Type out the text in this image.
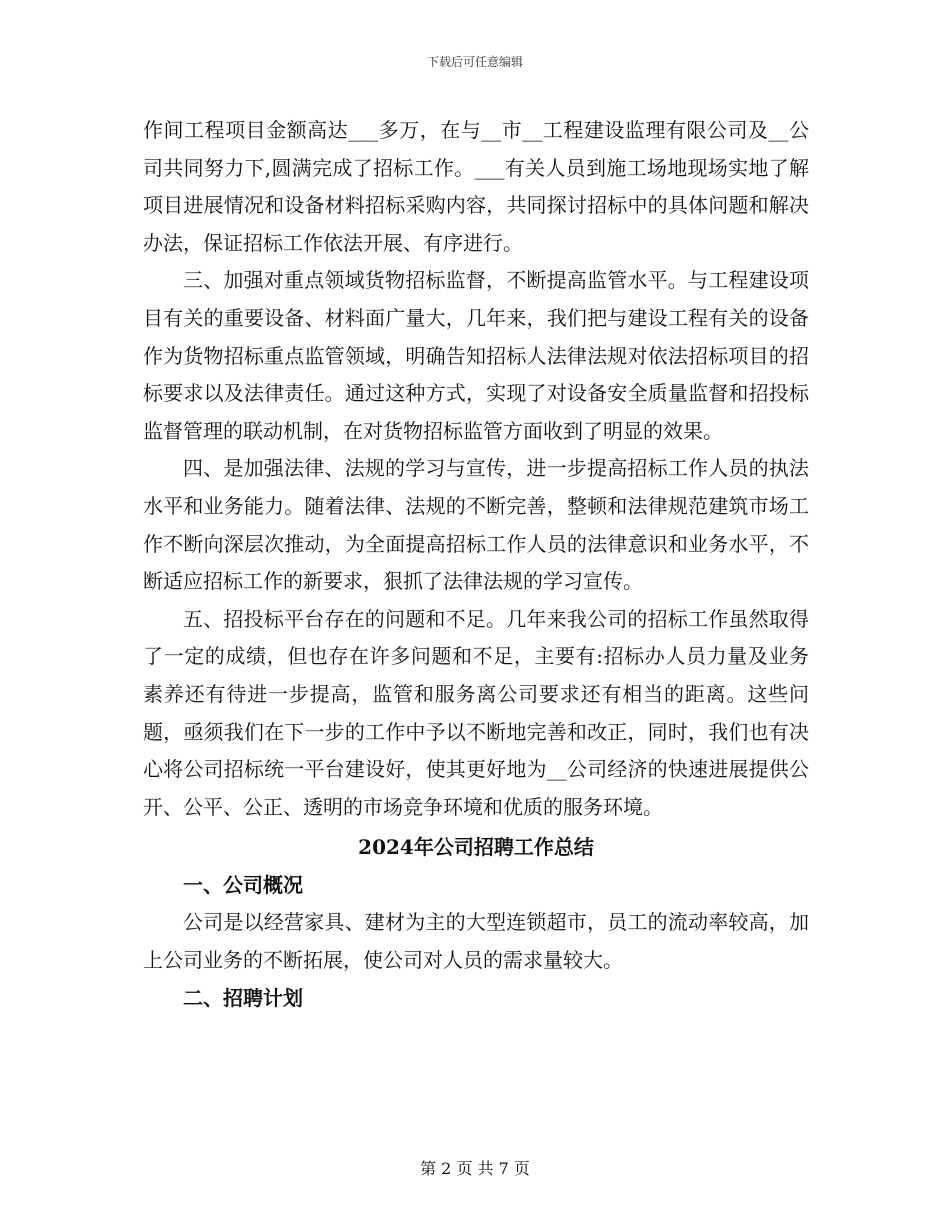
下载后可任意编辑

作间工程项目金额高达___多万，在与__市__工程建设监理有限公司及__公司共同努力下,圆满完成了招标工作。___有关人员到施工场地现场实地了解项目进展情况和设备材料招标采购内容，共同探讨招标中的具体问题和解决办法，保证招标工作依法开展、有序进行。

三、加强对重点领域货物招标监督，不断提高监管水平。与工程建设项目有关的重要设备、材料面广量大，几年来，我们把与建设工程有关的设备作为货物招标重点监管领域，明确告知招标人法律法规对依法招标项目的招标要求以及法律责任。通过这种方式，实现了对设备安全质量监督和招投标监督管理的联动机制，在对货物招标监管方面收到了明显的效果。

四、是加强法律、法规的学习与宣传，进一步提高招标工作人员的执法水平和业务能力。随着法律、法规的不断完善，整顿和法律规范建筑市场工作不断向深层次推动，为全面提高招标工作人员的法律意识和业务水平，不断适应招标工作的新要求，狠抓了法律法规的学习宣传。

五、招投标平台存在的问题和不足。几年来我公司的招标工作虽然取得了一定的成绩，但也存在许多问题和不足，主要有:招标办人员力量及业务素养还有待进一步提高，监管和服务离公司要求还有相当的距离。这些问题，亟须我们在下一步的工作中予以不断地完善和改正，同时，我们也有决心将公司招标统一平台建设好，使其更好地为__公司经济的快速进展提供公开、公平、公正、透明的市场竞争环境和优质的服务环境。

2024年公司招聘工作总结
一、公司概况

公司是以经营家具、建材为主的大型连锁超市，员工的流动率较高，加上公司业务的不断拓展，使公司对人员的需求量较大。

二、招聘计划
第 2 页 共 7 页
